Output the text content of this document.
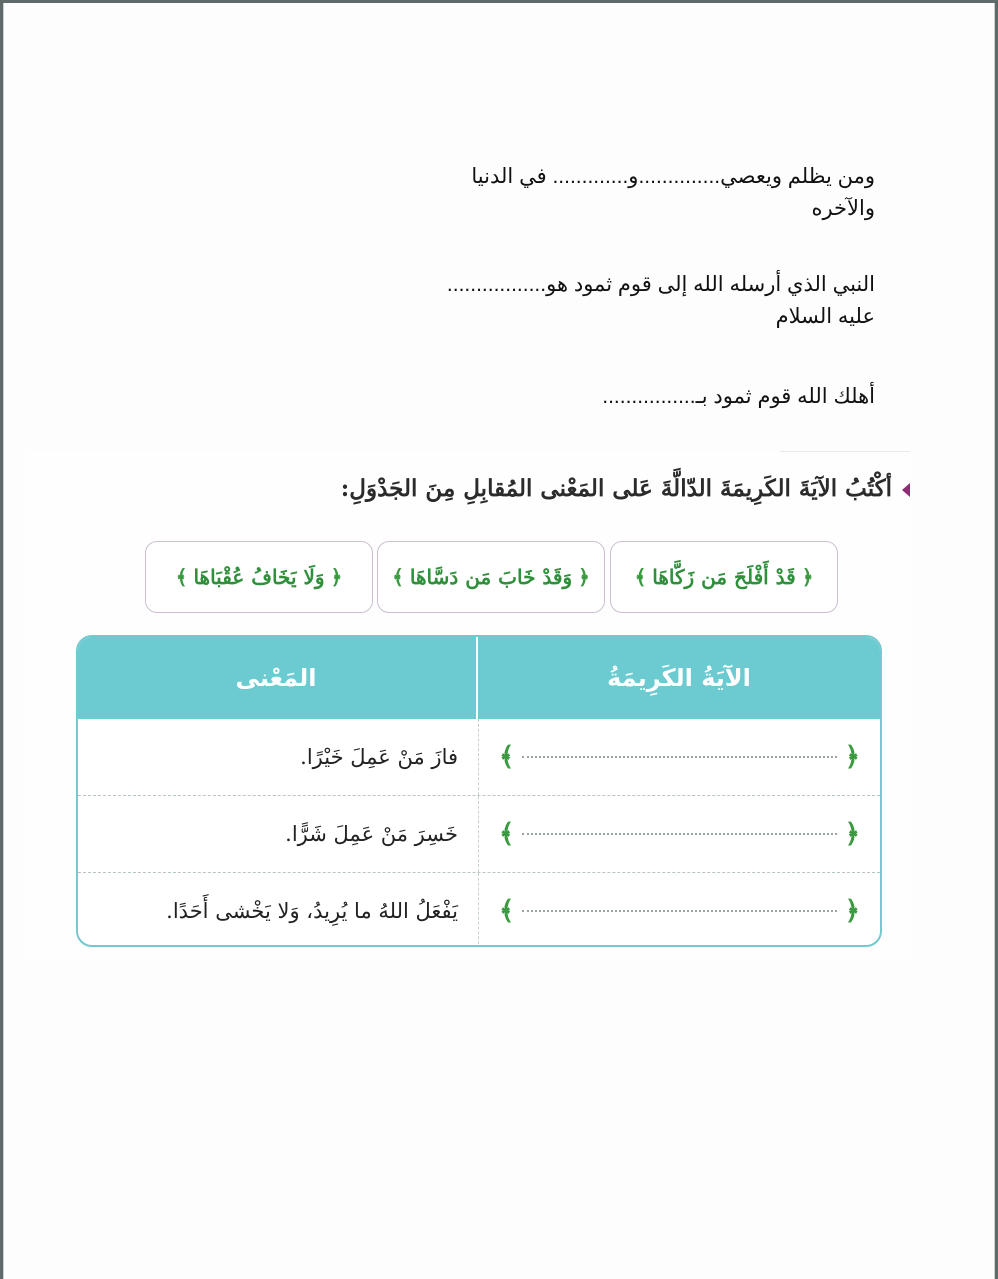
ومن يظلم ويعصي..............و............. في الدنيا
والآخره
النبي الذي أرسله الله إلى قوم ثمود هو.................
عليه السلام
أهلك الله قوم ثمود بـ................
أكْتُبُ الآيَةَ الكَرِيمَةَ الدّالَّةَ عَلى المَعْنى المُقابِلِ مِنَ الجَدْوَلِ:
﴿
قَدْ أَفْلَحَ مَن زَكَّاهَا
﴾
﴿
وَقَدْ خَابَ مَن دَسَّاهَا
﴾
﴿
وَلَا يَخَافُ عُقْبَاهَا
﴾
الآيَةُ الكَرِيمَةُ
المَعْنى
﴿
﴾
فازَ مَنْ عَمِلَ خَيْرًا.
﴿
﴾
خَسِرَ مَنْ عَمِلَ شَرًّا.
﴿
﴾
يَفْعَلُ اللهُ ما يُرِيدُ، وَلا يَخْشى أَحَدًا.
